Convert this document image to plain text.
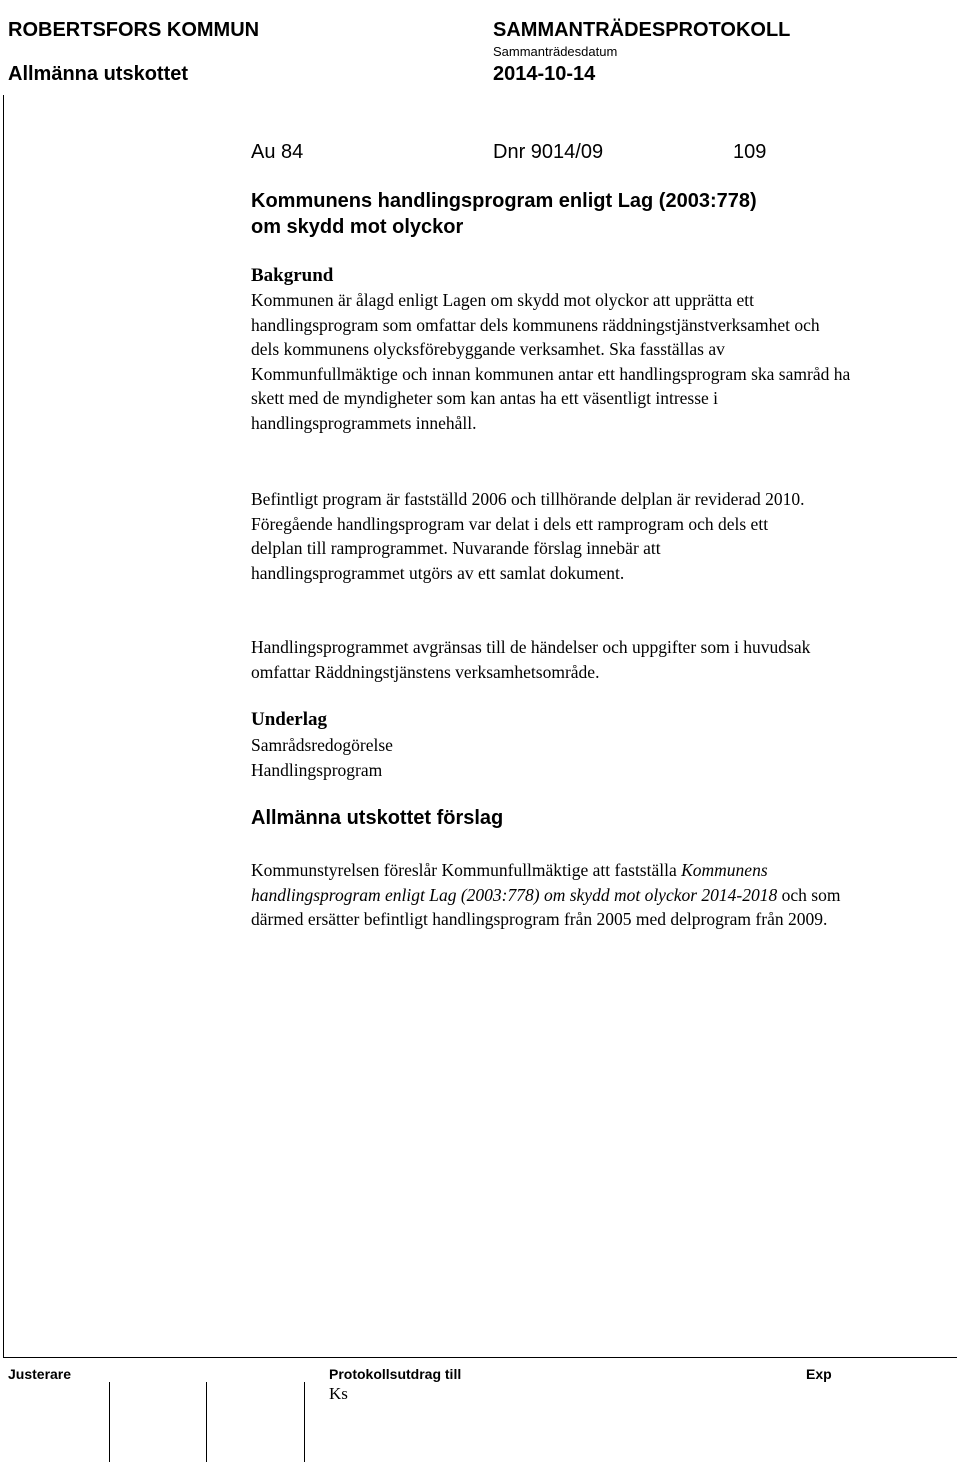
ROBERTSFORS KOMMUN
Allmänna utskottet
SAMMANTRÄDESPROTOKOLL
Sammanträdesdatum
2014-10-14
Au 84	Dnr 9014/09	109
Kommunens handlingsprogram enligt Lag (2003:778)
om skydd mot olyckor
Bakgrund

Kommunen är ålagd enligt Lagen om skydd mot olyckor att upprätta ett handlingsprogram som omfattar dels kommunens räddningstjänstverksamhet och dels kommunens olycksförebyggande verksamhet. Ska fasställas av Kommunfullmäktige och innan kommunen antar ett handlingsprogram ska samråd ha skett med de myndigheter som kan antas ha ett väsentligt intresse i handlingsprogrammets innehåll.

Befintligt program är fastställd 2006 och tillhörande delplan är reviderad 2010. Föregående handlingsprogram var delat i dels ett ramprogram och dels ett delplan till ramprogrammet. Nuvarande förslag innebär att handlingsprogrammet utgörs av ett samlat dokument.

Handlingsprogrammet avgränsas till de händelser och uppgifter som i huvudsak omfattar Räddningstjänstens verksamhetsområde.

Underlag
Samrådsredogörelse
Handlingsprogram
Allmänna utskottet förslag

Kommunstyrelsen föreslår Kommunfullmäktige att fastställa Kommunens handlingsprogram enligt Lag (2003:778) om skydd mot olyckor 2014-2018 och som därmed ersätter befintligt handlingsprogram från 2005 med delprogram från 2009.

Justerare	Protokollsutdrag till
Ks
Exp
